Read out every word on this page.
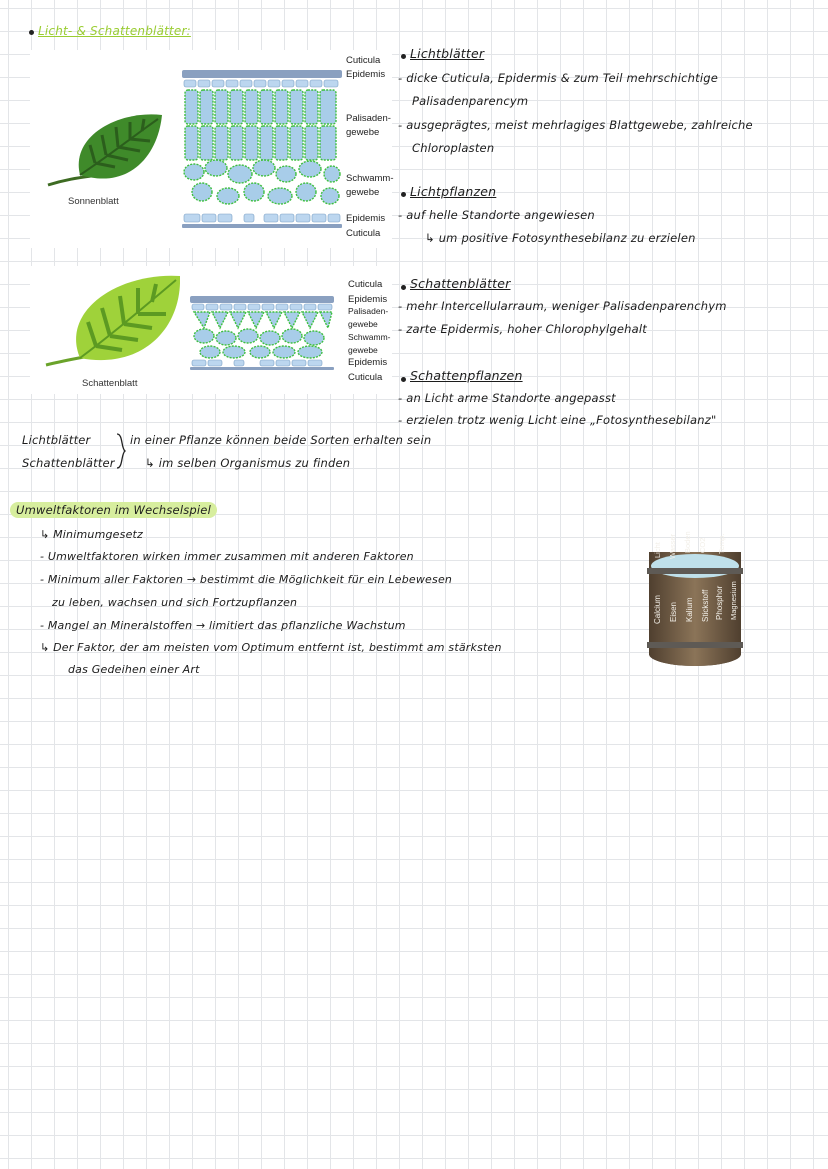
Licht- & Schattenblätter:
Sonnenblatt
Cuticula
Epidemis
Palisaden-
gewebe
Schwamm-
gewebe
Epidemis
Cuticula
Lichtblätter
- dicke Cuticula, Epidermis & zum Teil mehrschichtige
Palisadenparencym
- ausgeprägtes, meist mehrlagiges Blattgewebe, zahlreiche
Chloroplasten
Lichtpflanzen
- auf helle Standorte angewiesen
↳ um positive Fotosynthesebilanz zu erzielen
Schattenblatt
Cuticula
Epidemis
Palisaden-
gewebe
Schwamm-
gewebe
Epidemis
Cuticula
Schattenblätter
- mehr Intercellularraum, weniger Palisadenparenchym
- zarte Epidermis, hoher Chlorophylgehalt
Schattenpflanzen
- an Licht arme Standorte angepasst
- erzielen trotz wenig Licht eine „Fotosynthesebilanz"
Lichtblätter
Schattenblätter
in einer Pflanze können beide Sorten erhalten sein
↳ im selben Organismus zu finden
Umweltfaktoren im Wechselspiel
↳ Minimumgesetz
- Umweltfaktoren wirken immer zusammen mit anderen Faktoren
- Minimum aller Faktoren → bestimmt die Möglichkeit für ein Lebewesen
zu leben, wachsen und sich Fortzupflanzen
- Mangel an Mineralstoffen → limitiert das pflanzliche Wachstum
↳ Der Faktor, der am meisten vom Optimum entfernt ist, bestimmt am stärksten
das Gedeihen einer Art
Calcium Eisen Kalium Stickstoff Phosphor Magnesium
Licht Wasser Boden CO2	Temp.
